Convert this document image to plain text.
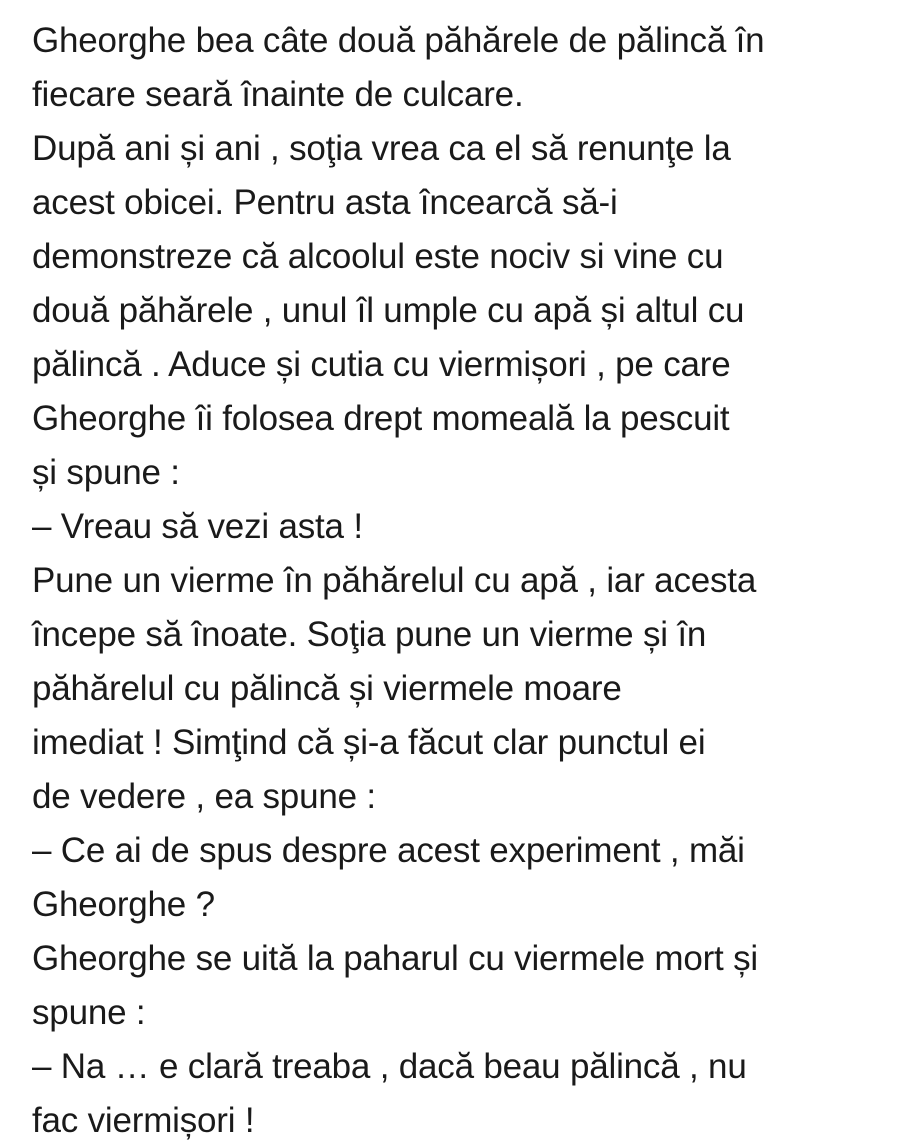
Gheorghe bea câte două păhărele de pălincă în
fiecare seară înainte de culcare.
După ani și ani , soţia vrea ca el să renunţe la
acest obicei. Pentru asta încearcă să-i
demonstreze că alcoolul este nociv si vine cu
două păhărele , unul îl umple cu apă și altul cu
pălincă . Aduce și cutia cu viermișori , pe care
Gheorghe îi folosea drept momeală la pescuit
și spune :
– Vreau să vezi asta !
Pune un vierme în păhărelul cu apă , iar acesta
începe să înoate. Soţia pune un vierme și în
păhărelul cu pălincă și viermele moare
imediat ! Simţind că și-a făcut clar punctul ei
de vedere , ea spune :
– Ce ai de spus despre acest experiment , măi
Gheorghe ?
Gheorghe se uită la paharul cu viermele mort și
spune :
– Na … e clară treaba , dacă beau pălincă , nu
fac viermișori !
